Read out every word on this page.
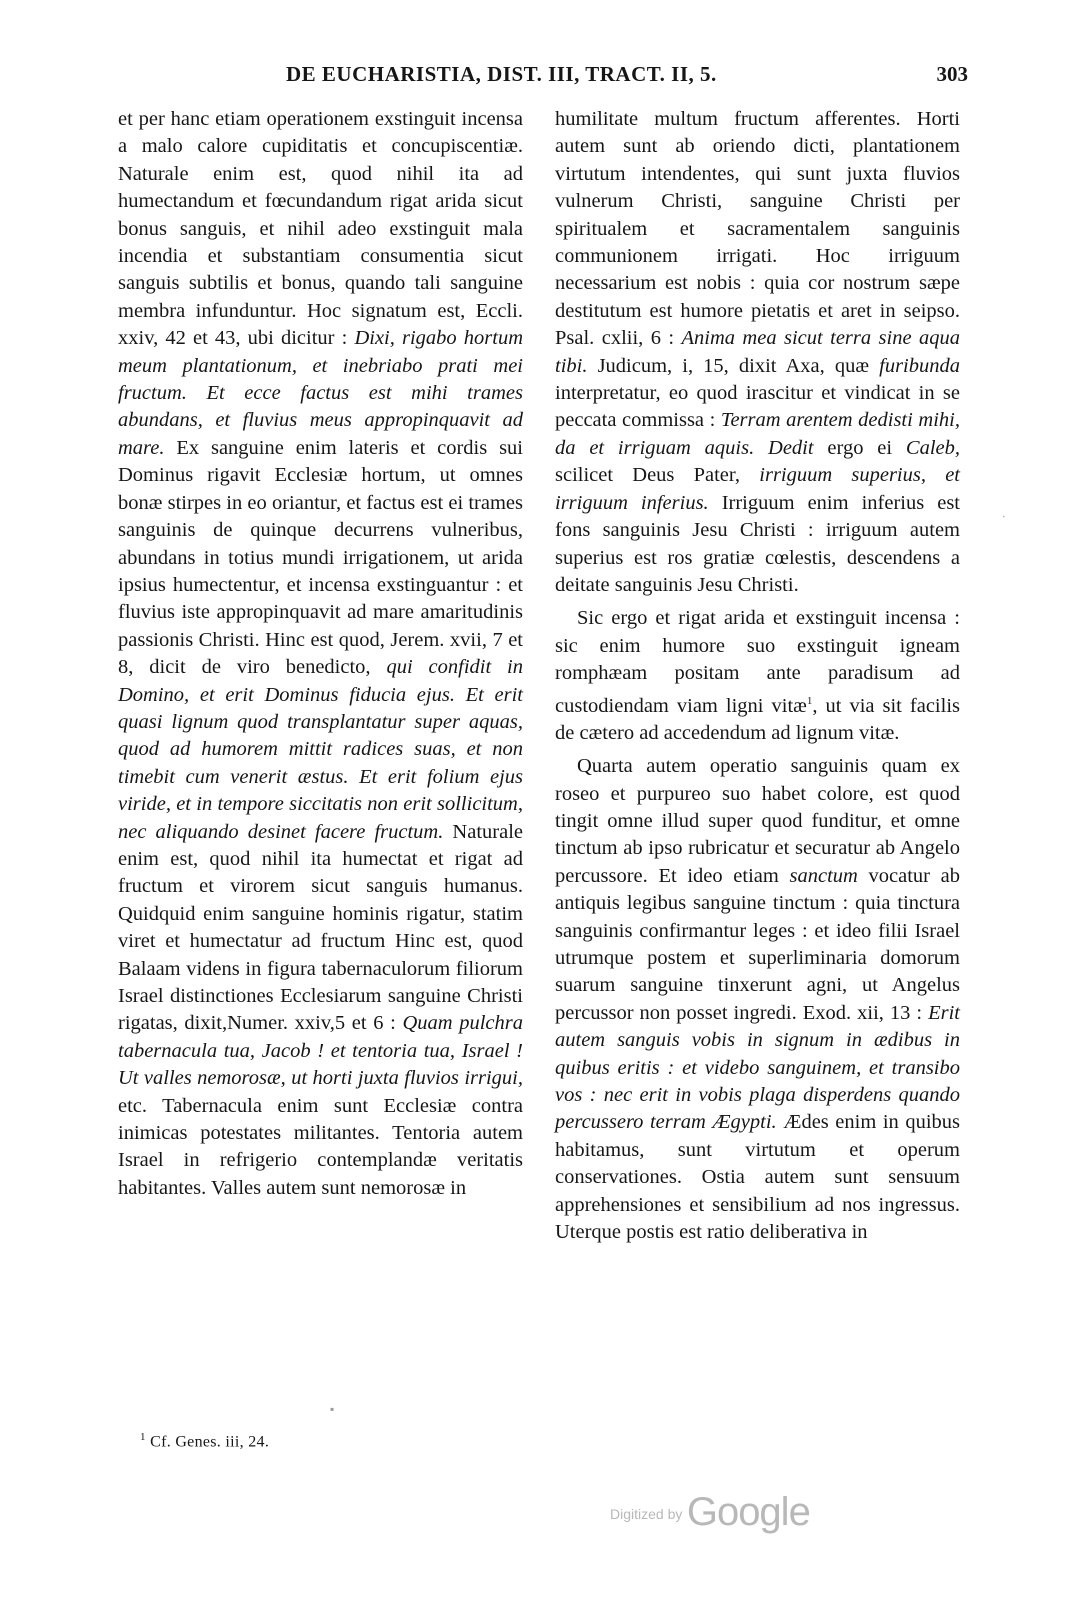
DE EUCHARISTIA, DIST. III, TRACT. II, 5.	303

et per hanc etiam operationem exstinguit incensa a malo calore cupiditatis et concupiscentiæ. Naturale enim est, quod nihil ita ad humectandum et fœcundandum rigat arida sicut bonus sanguis, et nihil adeo exstinguit mala incendia et substantiam consumentia sicut sanguis subtilis et bonus, quando tali sanguine membra infunduntur. Hoc signatum est, Eccli. xxiv, 42 et 43, ubi dicitur : Dixi, rigabo hortum meum plantationum, et inebriabo prati mei fructum. Et ecce factus est mihi trames abundans, et fluvius meus appropinquavit ad mare. Ex sanguine enim lateris et cordis sui Dominus rigavit Ecclesiæ hortum, ut omnes bonæ stirpes in eo oriantur, et factus est ei trames sanguinis de quinque decurrens vulneribus, abundans in totius mundi irrigationem, ut arida ipsius humectentur, et incensa exstinguantur : et fluvius iste appropinquavit ad mare amaritudinis passionis Christi. Hinc est quod, Jerem. xvii, 7 et 8, dicit de viro benedicto, qui confidit in Domino, et erit Dominus fiducia ejus. Et erit quasi lignum quod transplantatur super aquas, quod ad humorem mittit radices suas, et non timebit cum venerit æstus. Et erit folium ejus viride, et in tempore siccitatis non erit sollicitum, nec aliquando desinet facere fructum. Naturale enim est, quod nihil ita humectat et rigat ad fructum et virorem sicut sanguis humanus. Quidquid enim sanguine hominis rigatur, statim viret et humectatur ad fructum Hinc est, quod Balaam videns in figura tabernaculorum filiorum Israel distinctiones Ecclesiarum sanguine Christi rigatas, dixit,Numer. xxiv,5 et 6 : Quam pulchra tabernacula tua, Jacob ! et tentoria tua, Israel ! Ut valles nemorosæ, ut horti juxta fluvios irrigui, etc. Tabernacula enim sunt Ecclesiæ contra inimicas potestates militantes. Tentoria autem Israel in refrigerio contemplandæ veritatis habitantes. Valles autem sunt nemorosæ in

humilitate multum fructum afferentes. Horti autem sunt ab oriendo dicti, plantationem virtutum intendentes, qui sunt juxta fluvios vulnerum Christi, sanguine Christi per spiritualem et sacramentalem sanguinis communionem irrigati. Hoc irriguum necessarium est nobis : quia cor nostrum sæpe destitutum est humore pietatis et aret in seipso. Psal. cxlii, 6 : Anima mea sicut terra sine aqua tibi. Judicum, i, 15, dixit Axa, quæ furibunda interpretatur, eo quod irascitur et vindicat in se peccata commissa : Terram arentem dedisti mihi, da et irriguam aquis. Dedit ergo ei Caleb, scilicet Deus Pater, irriguum superius, et irriguum inferius. Irriguum enim inferius est fons sanguinis Jesu Christi : irriguum autem superius est ros gratiæ cœlestis, descendens a deitate sanguinis Jesu Christi.

Sic ergo et rigat arida et exstinguit incensa : sic enim humore suo exstinguit igneam romphæam positam ante paradisum ad custodiendam viam ligni vitæ$^1$, ut via sit facilis de cætero ad accedendum ad lignum vitæ.

Quarta autem operatio sanguinis quam ex roseo et purpureo suo habet colore, est quod tingit omne illud super quod funditur, et omne tinctum ab ipso rubricatur et securatur ab Angelo percussore. Et ideo etiam sanctum vocatur ab antiquis legibus sanguine tinctum : quia tinctura sanguinis confirmantur leges : et ideo filii Israel utrumque postem et superliminaria domorum suarum sanguine tinxerunt agni, ut Angelus percussor non posset ingredi. Exod. xii, 13 : Erit autem sanguis vobis in signum in ædibus in quibus eritis : et videbo sanguinem, et transibo vos : nec erit in vobis plaga disperdens quando percussero terram Ægypti. Ædes enim in quibus habitamus, sunt virtutum et operum conservationes. Ostia autem sunt sensuum apprehensiones et sensibilium ad nos ingressus. Uterque postis est ratio deliberativa in

$^1$ Cf. Genes. iii, 24.
Digitized by Google
ᐧ
▪
